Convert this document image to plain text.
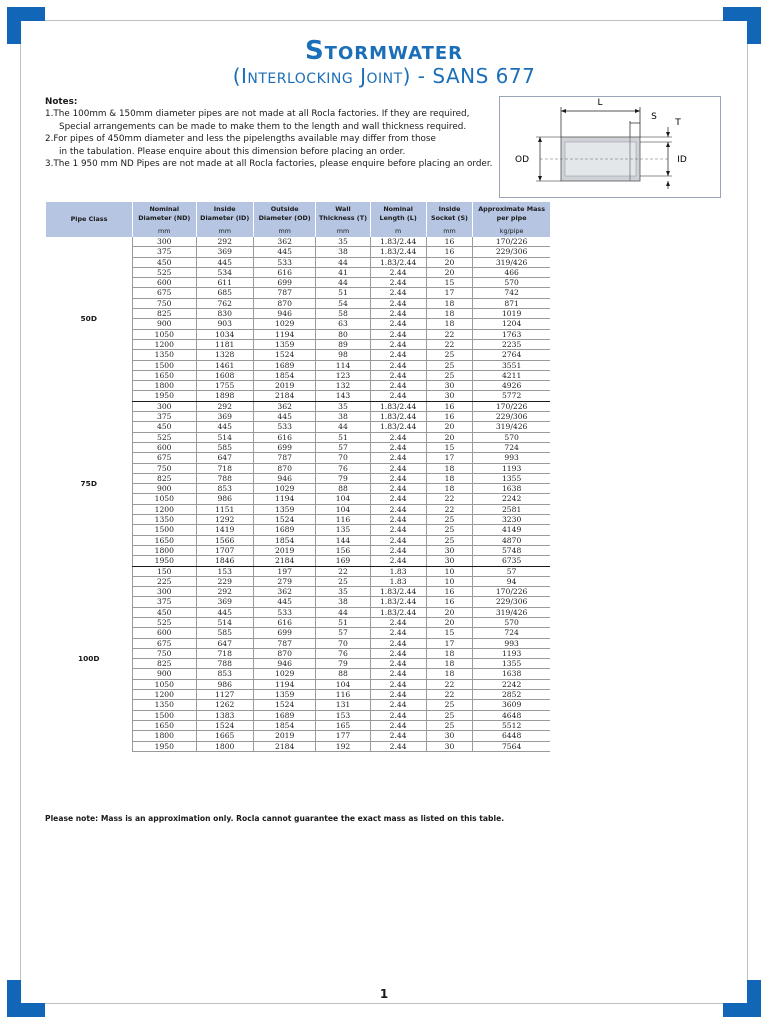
Stormwater
(Interlocking Joint) - SANS 677
Notes:
1.The 100mm & 150mm diameter pipes are not made at all Rocla factories. If they are required,
Special arrangements can be made to make them to the length and wall thickness required.
2.For pipes of 450mm diameter and less the pipelengths available may differ from those
in the tabulation. Please enquire about this dimension before placing an order.
3.The 1 950 mm ND Pipes are not made at all Rocla factories, please enquire before placing an order.
L
S
OD
T
ID
Pipe Class	Nominal Diameter (ND)	Inside Diameter (ID)	Outside Diameter (OD)	Wall Thickness (T)	Nominal Length (L)	Inside Socket (S)	Approximate Mass per pipe
	mm	mm	mm	mm	m	mm	kg/pipe
50D	300	292	362	35	1.83/2.44	16	170/226
	375	369	445	38	1.83/2.44	16	229/306
	450	445	533	44	1.83/2.44	20	319/426
	525	534	616	41	2.44	20	466
	600	611	699	44	2.44	15	570
	675	685	787	51	2.44	17	742
	750	762	870	54	2.44	18	871
	825	830	946	58	2.44	18	1019
	900	903	1029	63	2.44	18	1204
	1050	1034	1194	80	2.44	22	1763
	1200	1181	1359	89	2.44	22	2235
	1350	1328	1524	98	2.44	25	2764
	1500	1461	1689	114	2.44	25	3551
	1650	1608	1854	123	2.44	25	4211
	1800	1755	2019	132	2.44	30	4926
	1950	1898	2184	143	2.44	30	5772
75D	300	292	362	35	1.83/2.44	16	170/226
	375	369	445	38	1.83/2.44	16	229/306
	450	445	533	44	1.83/2.44	20	319/426
	525	514	616	51	2.44	20	570
	600	585	699	57	2.44	15	724
	675	647	787	70	2.44	17	993
	750	718	870	76	2.44	18	1193
	825	788	946	79	2.44	18	1355
	900	853	1029	88	2.44	18	1638
	1050	986	1194	104	2.44	22	2242
	1200	1151	1359	104	2.44	22	2581
	1350	1292	1524	116	2.44	25	3230
	1500	1419	1689	135	2.44	25	4149
	1650	1566	1854	144	2.44	25	4870
	1800	1707	2019	156	2.44	30	5748
	1950	1846	2184	169	2.44	30	6735
100D	150	153	197	22	1.83	10	57
	225	229	279	25	1.83	10	94
	300	292	362	35	1.83/2.44	16	170/226
	375	369	445	38	1.83/2.44	16	229/306
	450	445	533	44	1.83/2.44	20	319/426
	525	514	616	51	2.44	20	570
	600	585	699	57	2.44	15	724
	675	647	787	70	2.44	17	993
	750	718	870	76	2.44	18	1193
	825	788	946	79	2.44	18	1355
	900	853	1029	88	2.44	18	1638
	1050	986	1194	104	2.44	22	2242
	1200	1127	1359	116	2.44	22	2852
	1350	1262	1524	131	2.44	25	3609
	1500	1383	1689	153	2.44	25	4648
	1650	1524	1854	165	2.44	25	5512
	1800	1665	2019	177	2.44	30	6448
	1950	1800	2184	192	2.44	30	7564
Please note: Mass is an approximation only. Rocla cannot guarantee the exact mass as listed on this table.
1
